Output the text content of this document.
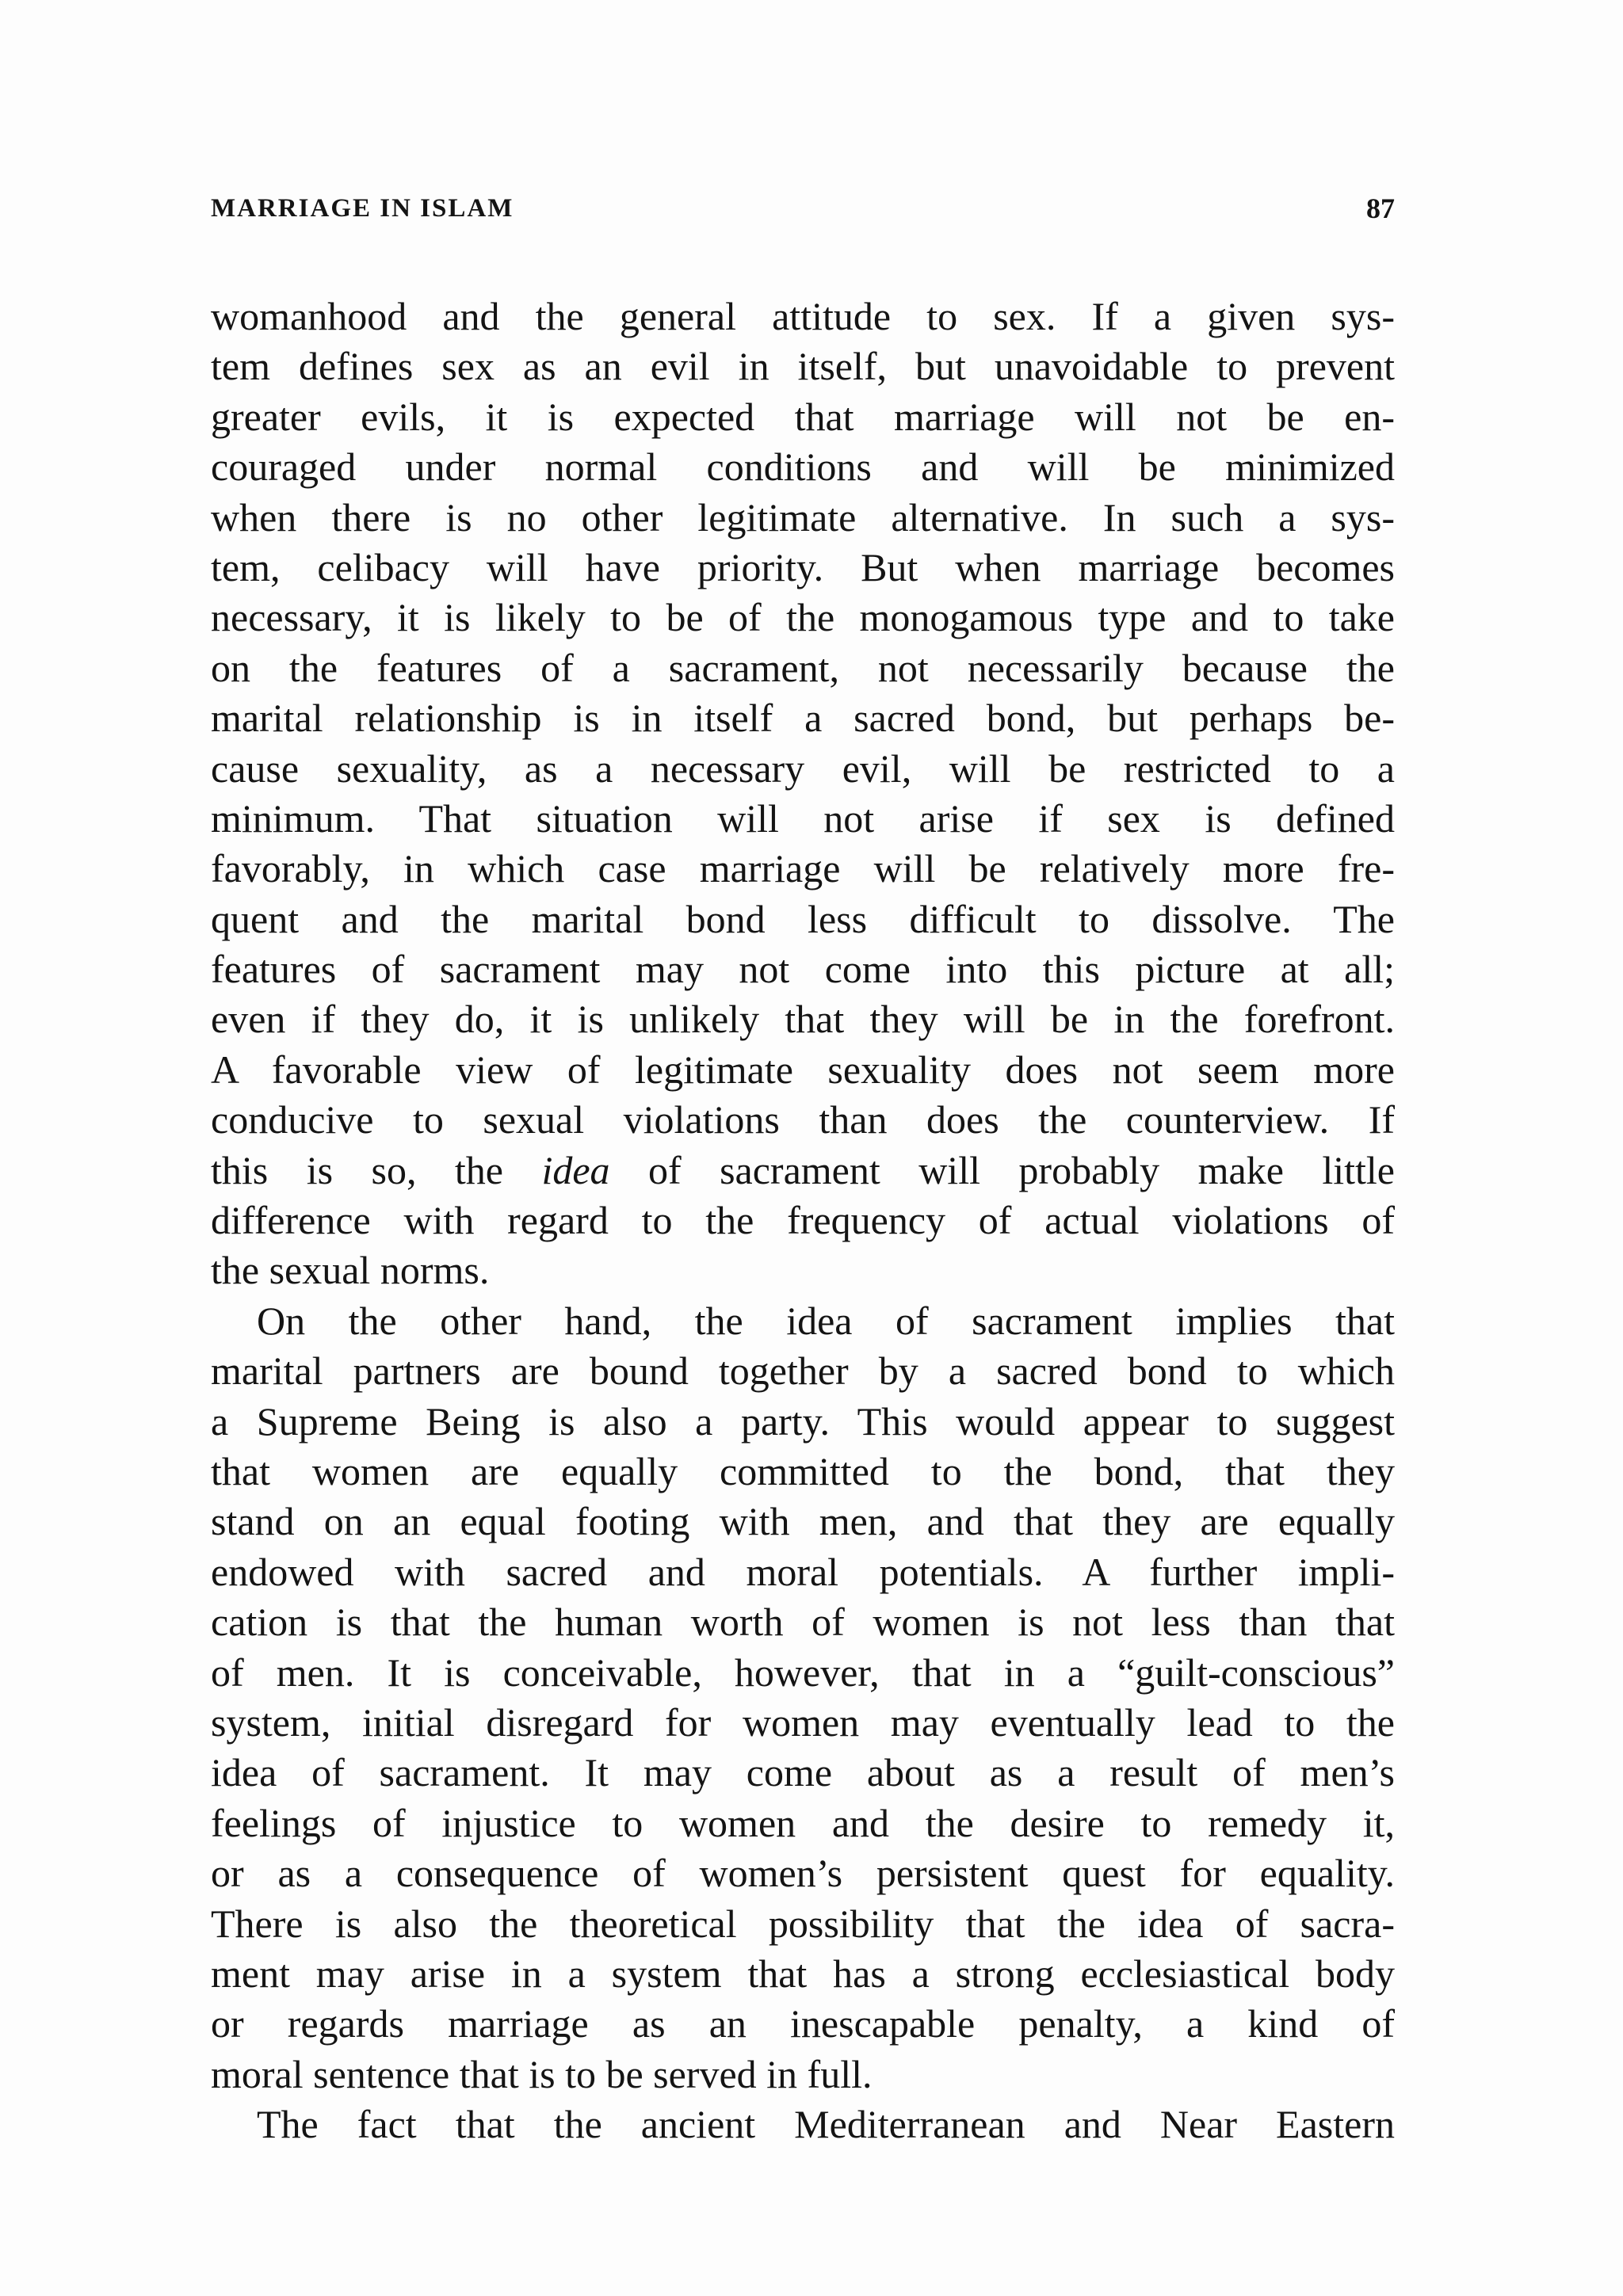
MARRIAGE IN ISLAM	87
womanhood and the general attitude to sex. If a given sys-
tem defines sex as an evil in itself, but unavoidable to prevent
greater evils, it is expected that marriage will not be en-
couraged under normal conditions and will be minimized
when there is no other legitimate alternative. In such a sys-
tem, celibacy will have priority. But when marriage becomes
necessary, it is likely to be of the monogamous type and to take
on the features of a sacrament, not necessarily because the
marital relationship is in itself a sacred bond, but perhaps be-
cause sexuality, as a necessary evil, will be restricted to a
minimum. That situation will not arise if sex is defined
favorably, in which case marriage will be relatively more fre-
quent and the marital bond less difficult to dissolve. The
features of sacrament may not come into this picture at all;
even if they do, it is unlikely that they will be in the forefront.
A favorable view of legitimate sexuality does not seem more
conducive to sexual violations than does the counterview. If
this is so, the idea of sacrament will probably make little
difference with regard to the frequency of actual violations of
the sexual norms.
On the other hand, the idea of sacrament implies that
marital partners are bound together by a sacred bond to which
a Supreme Being is also a party. This would appear to suggest
that women are equally committed to the bond, that they
stand on an equal footing with men, and that they are equally
endowed with sacred and moral potentials. A further impli-
cation is that the human worth of women is not less than that
of men. It is conceivable, however, that in a “guilt-conscious”
system, initial disregard for women may eventually lead to the
idea of sacrament. It may come about as a result of men’s
feelings of injustice to women and the desire to remedy it,
or as a consequence of women’s persistent quest for equality.
There is also the theoretical possibility that the idea of sacra-
ment may arise in a system that has a strong ecclesiastical body
or regards marriage as an inescapable penalty, a kind of
moral sentence that is to be served in full.
The fact that the ancient Mediterranean and Near Eastern
